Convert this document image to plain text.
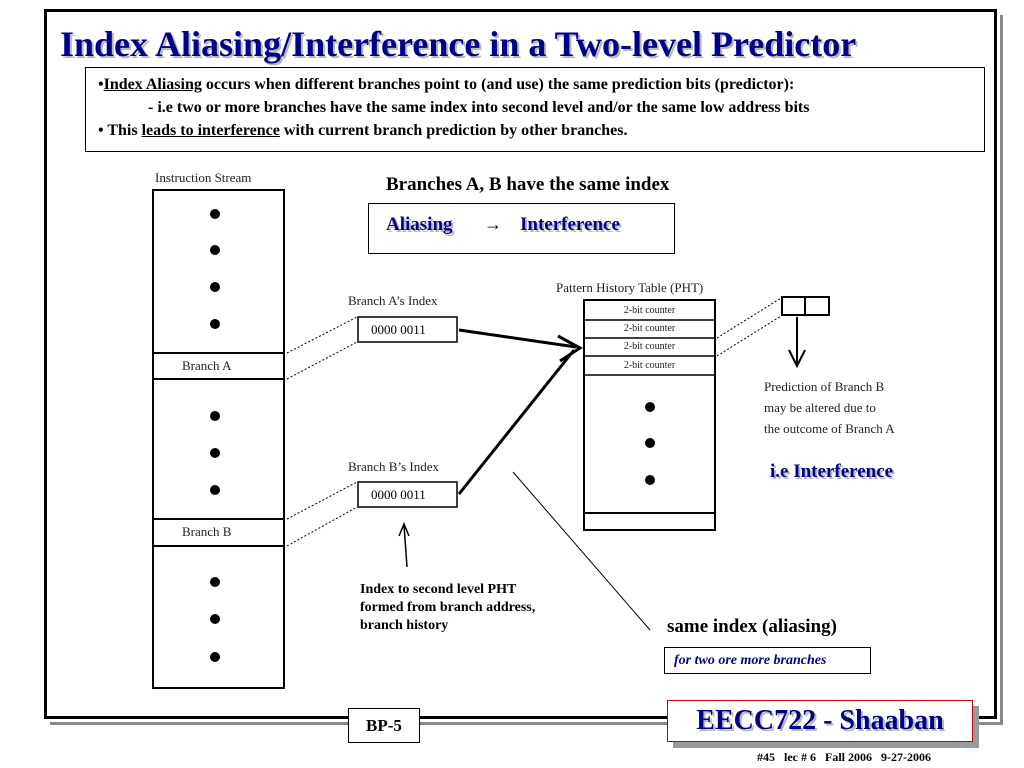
Index Aliasing/Interference in a Two-level Predictor
•Index Aliasing occurs when different branches point to (and use) the same prediction bits (predictor):
- i.e two or more branches have the same index into second level and/or the same low address bits
• This leads to interference with current branch prediction by other branches.
Instruction Stream
Branch A
Branch B
Branches A, B have the same index
Aliasing → Interference
Branch A’s Index
0000 0011
Branch B’s Index
0000 0011
Pattern History Table (PHT)
2-bit counter
2-bit counter
2-bit counter
2-bit counter
Prediction of Branch B
may be altered due to
the outcome of Branch A
i.e Interference
Index to second level PHT
formed from branch address,
branch history	same index (aliasing)
for two ore more branches
BP-5	EECC722 - Shaaban
#45   lec # 6   Fall 2006   9-27-2006
